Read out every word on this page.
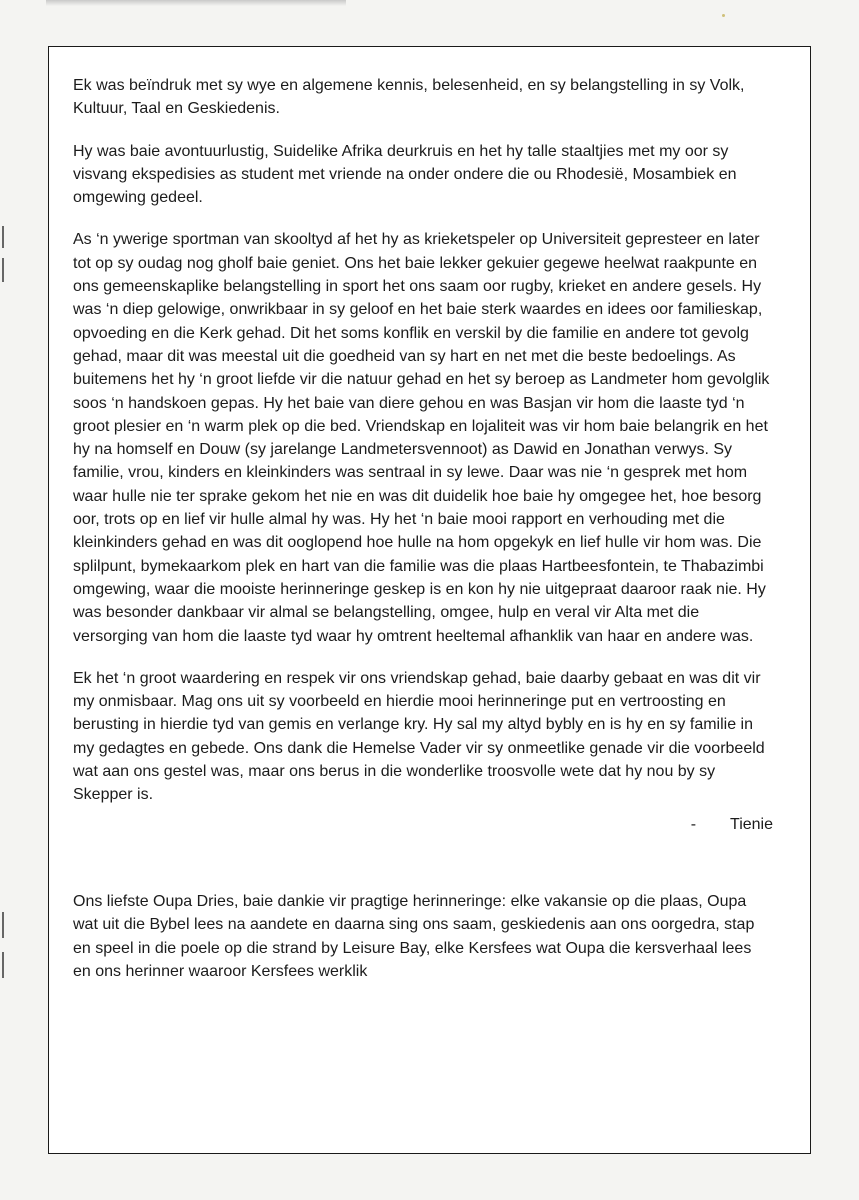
Ek was beïndruk met sy wye en algemene kennis, belesenheid, en sy belangstelling in sy Volk, Kultuur, Taal en Geskiedenis.

Hy was baie avontuurlustig, Suidelike Afrika deurkruis en het hy talle staaltjies met my oor sy visvang ekspedisies as student met vriende na onder ondere die ou Rhodesië, Mosambiek en omgewing gedeel.

As ‘n ywerige sportman van skooltyd af het hy as krieketspeler op Universiteit gepresteer en later tot op sy oudag nog gholf baie geniet. Ons het baie lekker gekuier gegewe heelwat raakpunte en ons gemeenskaplike belangstelling in sport het ons saam oor rugby, krieket en andere gesels. Hy was ‘n diep gelowige, onwrikbaar in sy geloof en het baie sterk waardes en idees oor familieskap, opvoeding en die Kerk gehad. Dit het soms konflik en verskil by die familie en andere tot gevolg gehad, maar dit was meestal uit die goedheid van sy hart en net met die beste bedoelings. As buitemens het hy ‘n groot liefde vir die natuur gehad en het sy beroep as Landmeter hom gevolglik soos ‘n handskoen gepas. Hy het baie van diere gehou en was Basjan vir hom die laaste tyd ‘n groot plesier en ‘n warm plek op die bed. Vriendskap en lojaliteit was vir hom baie belangrik en het hy na homself en Douw (sy jarelange Landmetersvennoot) as Dawid en Jonathan verwys. Sy familie, vrou, kinders en kleinkinders was sentraal in sy lewe. Daar was nie ‘n gesprek met hom waar hulle nie ter sprake gekom het nie en was dit duidelik hoe baie hy omgegee het, hoe besorg oor, trots op en lief vir hulle almal hy was. Hy het ‘n baie mooi rapport en verhouding met die kleinkinders gehad en was dit ooglopend hoe hulle na hom opgekyk en lief hulle vir hom was. Die splilpunt, bymekaarkom plek en hart van die familie was die plaas Hartbeesfontein, te Thabazimbi omgewing, waar die mooiste herinneringe geskep is en kon hy nie uitgepraat daaroor raak nie. Hy was besonder dankbaar vir almal se belangstelling, omgee, hulp en veral vir Alta met die versorging van hom die laaste tyd waar hy omtrent heeltemal afhanklik van haar en andere was.

Ek het ‘n groot waardering en respek vir ons vriendskap gehad, baie daarby gebaat en was dit vir my onmisbaar. Mag ons uit sy voorbeeld en hierdie mooi herinneringe put en vertroosting en berusting in hierdie tyd van gemis en verlange kry. Hy sal my altyd bybly en is hy en sy familie in my gedagtes en gebede. Ons dank die Hemelse Vader vir sy onmeetlike genade vir die voorbeeld wat aan ons gestel was, maar ons berus in die wonderlike troosvolle wete dat hy nou by sy Skepper is.

- Tienie

Ons liefste Oupa Dries, baie dankie vir pragtige herinneringe: elke vakansie op die plaas, Oupa wat uit die Bybel lees na aandete en daarna sing ons saam, geskiedenis aan ons oorgedra, stap en speel in die poele op die strand by Leisure Bay, elke Kersfees wat Oupa die kersverhaal lees en ons herinner waaroor Kersfees werklik
